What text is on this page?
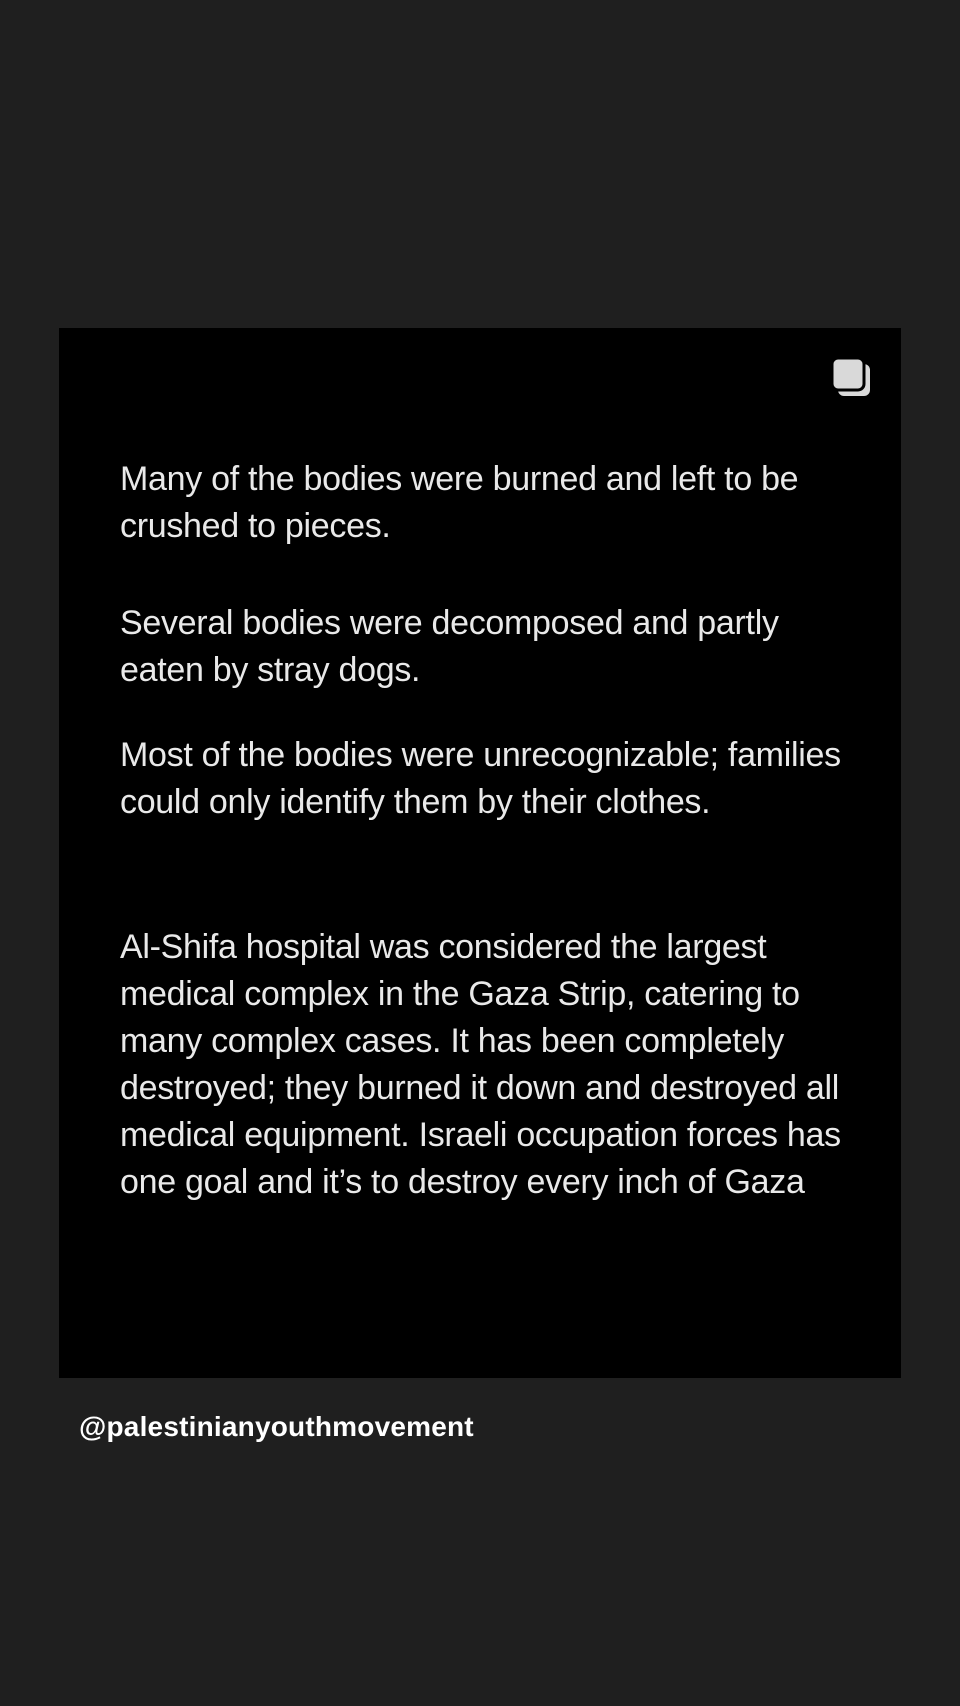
Many of the bodies were burned and left to be crushed to pieces.

Several bodies were decomposed and partly eaten by stray dogs.

Most of the bodies were unrecognizable; families could only identify them by their clothes.

Al-Shifa hospital was considered the largest medical complex in the Gaza Strip, catering to many complex cases. It has been completely destroyed; they burned it down and destroyed all medical equipment. Israeli occupation forces has one goal and it’s to destroy every inch of Gaza

@palestinianyouthmovement
